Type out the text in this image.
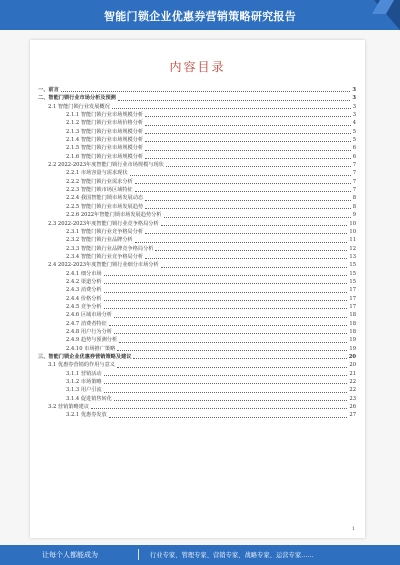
智能门锁企业优惠券营销策略研究报告
内容目录
一、前言	3
二、智能门锁行业市场分析及预测	3
2.1 智能门锁行业发展概况	3
2.1.1 智能门锁行业市场规模分析	3
2.1.2 智能门锁行业市场价格分析	4
2.1.3 智能门锁行业市场规模分析	5
2.1.4 智能门锁行业市场规模分析	5
2.1.5 智能门锁行业市场规模分析	6
2.1.6 智能门锁行业市场规模分析	6
2.2 2022-2023年度智能门锁行业市场规模与现状	7
2.2.1 市场容量与需求现状	7
2.2.2 智能门锁行业需求分析	7
2.2.3 智能门锁市场区域特征	7
2.2.4 我国智能门锁市场发展动态	8
2.2.5 智能门锁行业市场发展趋势	8
2.2.6 2022年智能门锁市场发展趋势分析	9
2.3 2022-2023年度智能门锁行业竞争格局分析	10
2.3.1 智能门锁行业竞争格局分析	10
2.3.2 智能门锁行业品牌分析	11
2.3.3 智能门锁行业品牌竞争格局分析	12
2.3.4 智能门锁行业竞争格局分析	13
2.4 2022-2023年度智能门锁行业细分市场分析	15
2.4.1 细分市场	15
2.4.2 渠道分析	15
2.4.3 消费分析	17
2.4.4 价格分析	17
2.4.5 竞争分析	17
2.4.6 区域市场分析	18
2.4.7 消费者特征	18
2.4.8 用户行为分析	18
2.4.9 趋势与预测分析	19
2.4.10 市场推广策略	19
三、智能门锁企业优惠券营销策略及建议	20
3.1 优惠券营销的作用与意义	20
3.1.1 营销活动	21
3.1.2 市场策略	22
3.1.3 用户引流	22
3.1.4 促进销售转化	23
3.2 营销策略建议	26
3.2.1 优惠券发放	27
1
让每个人都能成为	行业专家、管理专家、营销专家、战略专家、运营专家……
